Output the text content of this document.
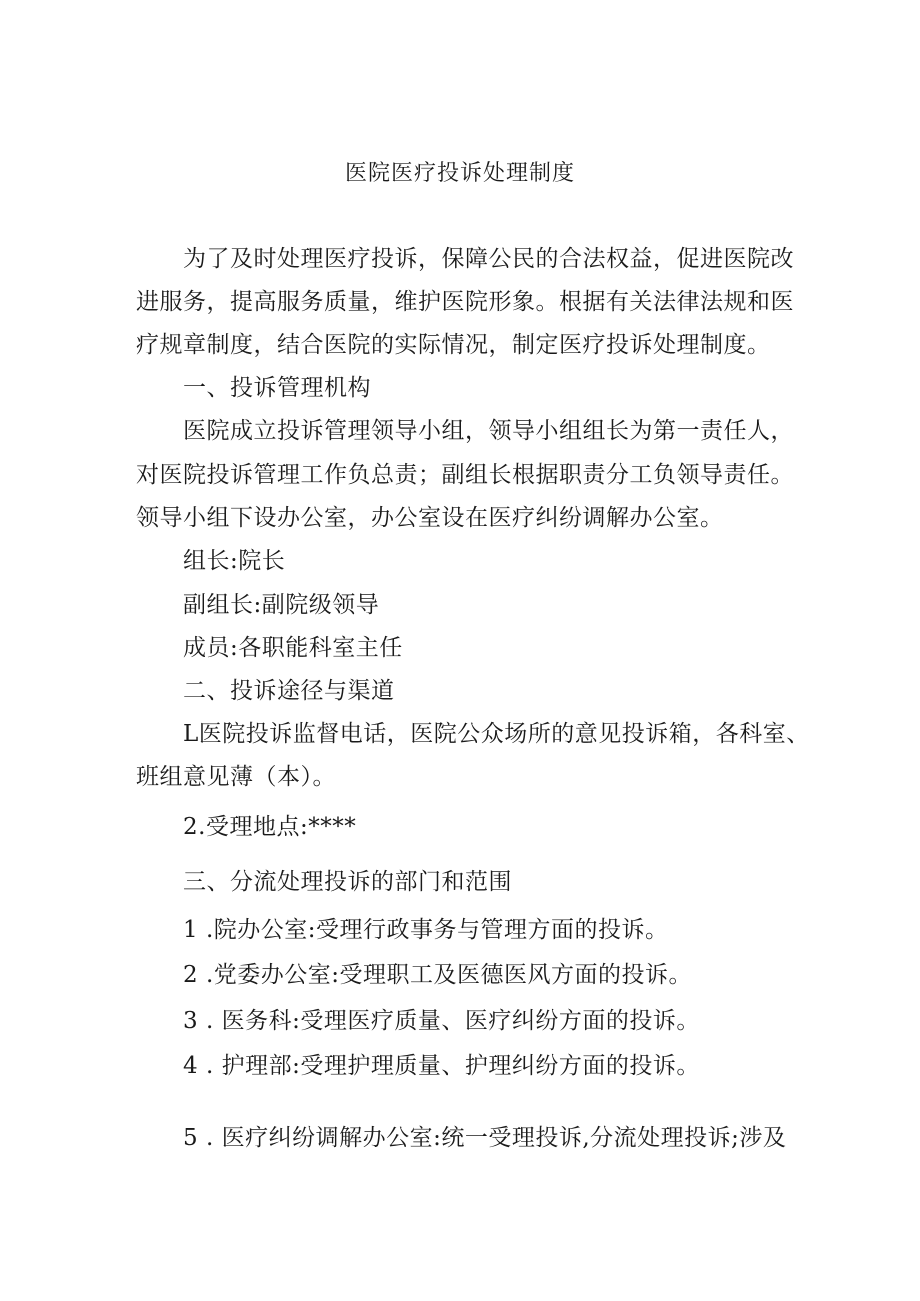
医院医疗投诉处理制度
为了及时处理医疗投诉，保障公民的合法权益，促进医院改
进服务，提高服务质量，维护医院形象。根据有关法律法规和医
疗规章制度，结合医院的实际情况，制定医疗投诉处理制度。
一、投诉管理机构
医院成立投诉管理领导小组，领导小组组长为第一责任人，
对医院投诉管理工作负总责；副组长根据职责分工负领导责任。
领导小组下设办公室，办公室设在医疗纠纷调解办公室。
组长:院长
副组长:副院级领导
成员:各职能科室主任
二、投诉途径与渠道
L医院投诉监督电话，医院公众场所的意见投诉箱，各科室、
班组意见薄（本）。
2.受理地点:****
三、分流处理投诉的部门和范围
1 .院办公室:受理行政事务与管理方面的投诉。
2 .党委办公室:受理职工及医德医风方面的投诉。
3 . 医务科:受理医疗质量、医疗纠纷方面的投诉。
4 . 护理部:受理护理质量、护理纠纷方面的投诉。
5 . 医疗纠纷调解办公室:统一受理投诉,分流处理投诉;涉及
